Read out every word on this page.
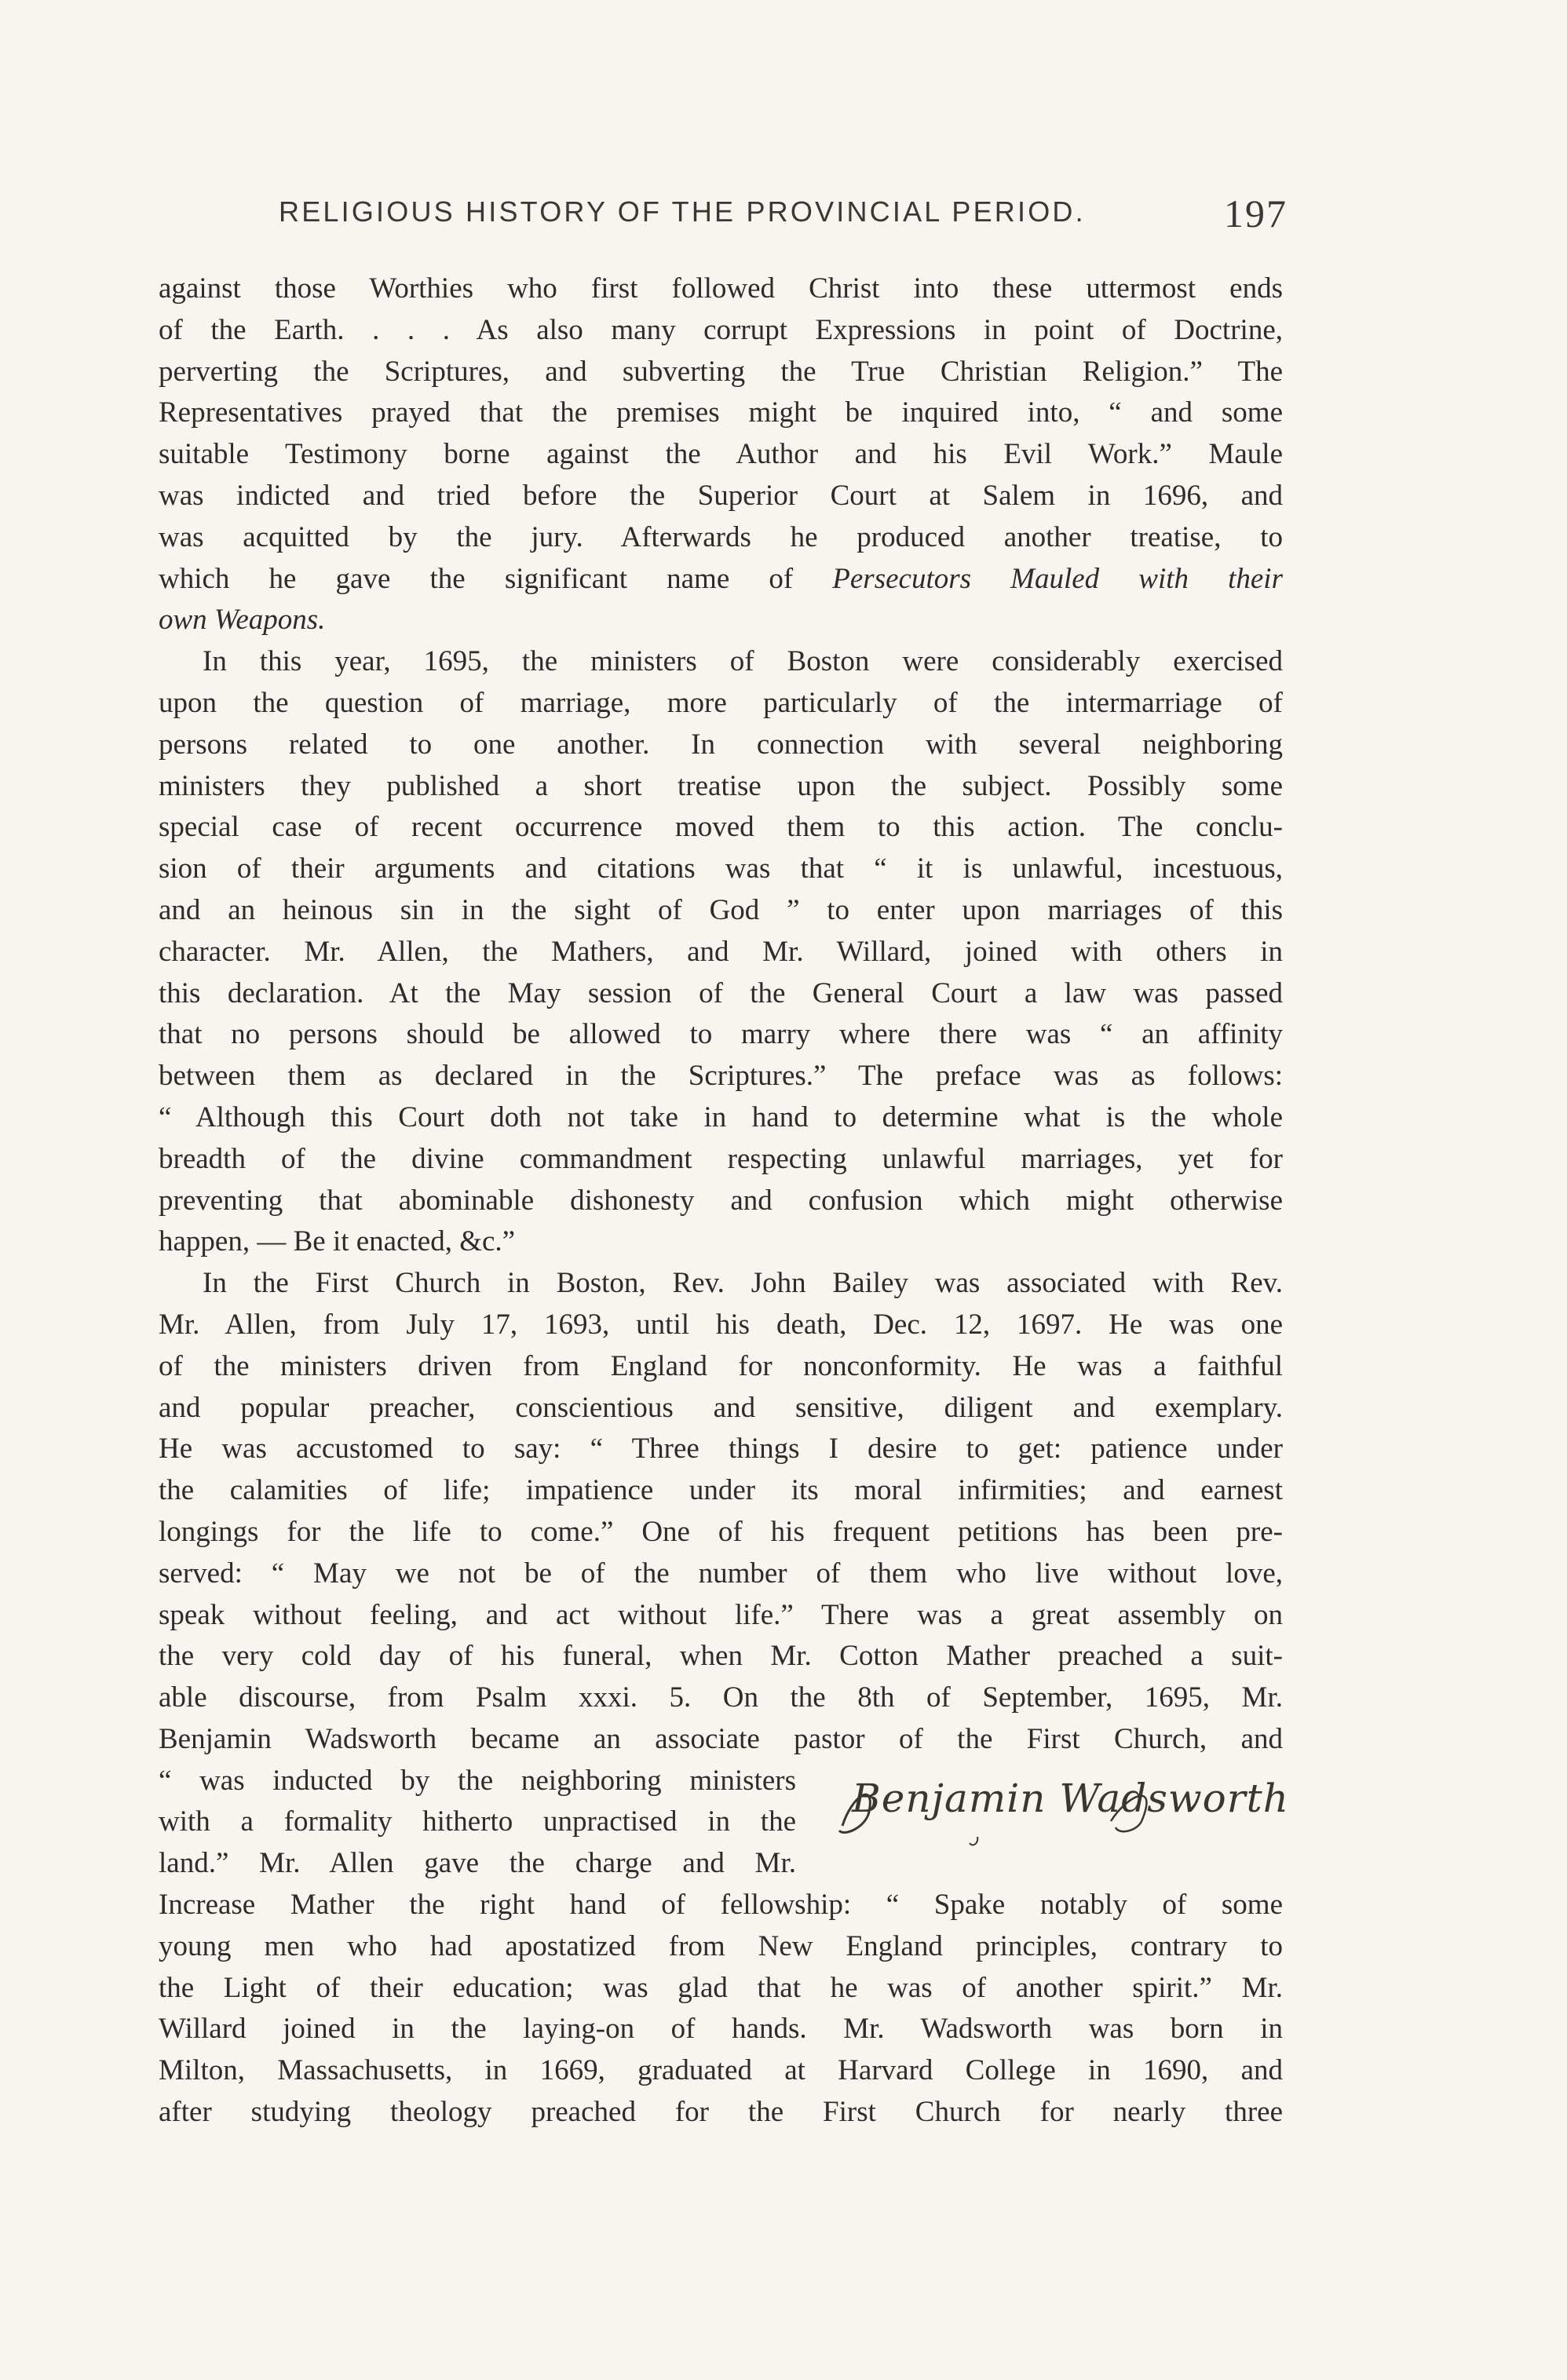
RELIGIOUS HISTORY OF THE PROVINCIAL PERIOD.	197
against those Worthies who first followed Christ into these uttermost ends
of the Earth. . . . As also many corrupt Expressions in point of Doctrine,
perverting the Scriptures, and subverting the True Christian Religion.” The
Representatives prayed that the premises might be inquired into, “ and some
suitable Testimony borne against the Author and his Evil Work.” Maule
was indicted and tried before the Superior Court at Salem in 1696, and
was acquitted by the jury. Afterwards he produced another treatise, to
which he gave the significant name of Persecutors Mauled with their
own Weapons.
In this year, 1695, the ministers of Boston were considerably exercised
upon the question of marriage, more particularly of the intermarriage of
persons related to one another. In connection with several neighboring
ministers they published a short treatise upon the subject. Possibly some
special case of recent occurrence moved them to this action. The conclu-
sion of their arguments and citations was that “ it is unlawful, incestuous,
and an heinous sin in the sight of God ” to enter upon marriages of this
character. Mr. Allen, the Mathers, and Mr. Willard, joined with others in
this declaration. At the May session of the General Court a law was passed
that no persons should be allowed to marry where there was “ an affinity
between them as declared in the Scriptures.” The preface was as follows:
“ Although this Court doth not take in hand to determine what is the whole
breadth of the divine commandment respecting unlawful marriages, yet for
preventing that abominable dishonesty and confusion which might otherwise
happen, — Be it enacted, &c.”
In the First Church in Boston, Rev. John Bailey was associated with Rev.
Mr. Allen, from July 17, 1693, until his death, Dec. 12, 1697. He was one
of the ministers driven from England for nonconformity. He was a faithful
and popular preacher, conscientious and sensitive, diligent and exemplary.
He was accustomed to say: “ Three things I desire to get: patience under
the calamities of life; impatience under its moral infirmities; and earnest
longings for the life to come.” One of his frequent petitions has been pre-
served: “ May we not be of the number of them who live without love,
speak without feeling, and act without life.” There was a great assembly on
the very cold day of his funeral, when Mr. Cotton Mather preached a suit-
able discourse, from Psalm xxxi. 5. On the 8th of September, 1695, Mr.
Benjamin Wadsworth became an associate pastor of the First Church, and
“ was inducted by the neighboring ministers
with a formality hitherto unpractised in the
land.” Mr. Allen gave the charge and Mr.
Increase Mather the right hand of fellowship: “ Spake notably of some
young men who had apostatized from New England principles, contrary to
the Light of their education; was glad that he was of another spirit.” Mr.
Willard joined in the laying-on of hands. Mr. Wadsworth was born in
Milton, Massachusetts, in 1669, graduated at Harvard College in 1690, and
after studying theology preached for the First Church for nearly three
Benjamin Wadsworth
